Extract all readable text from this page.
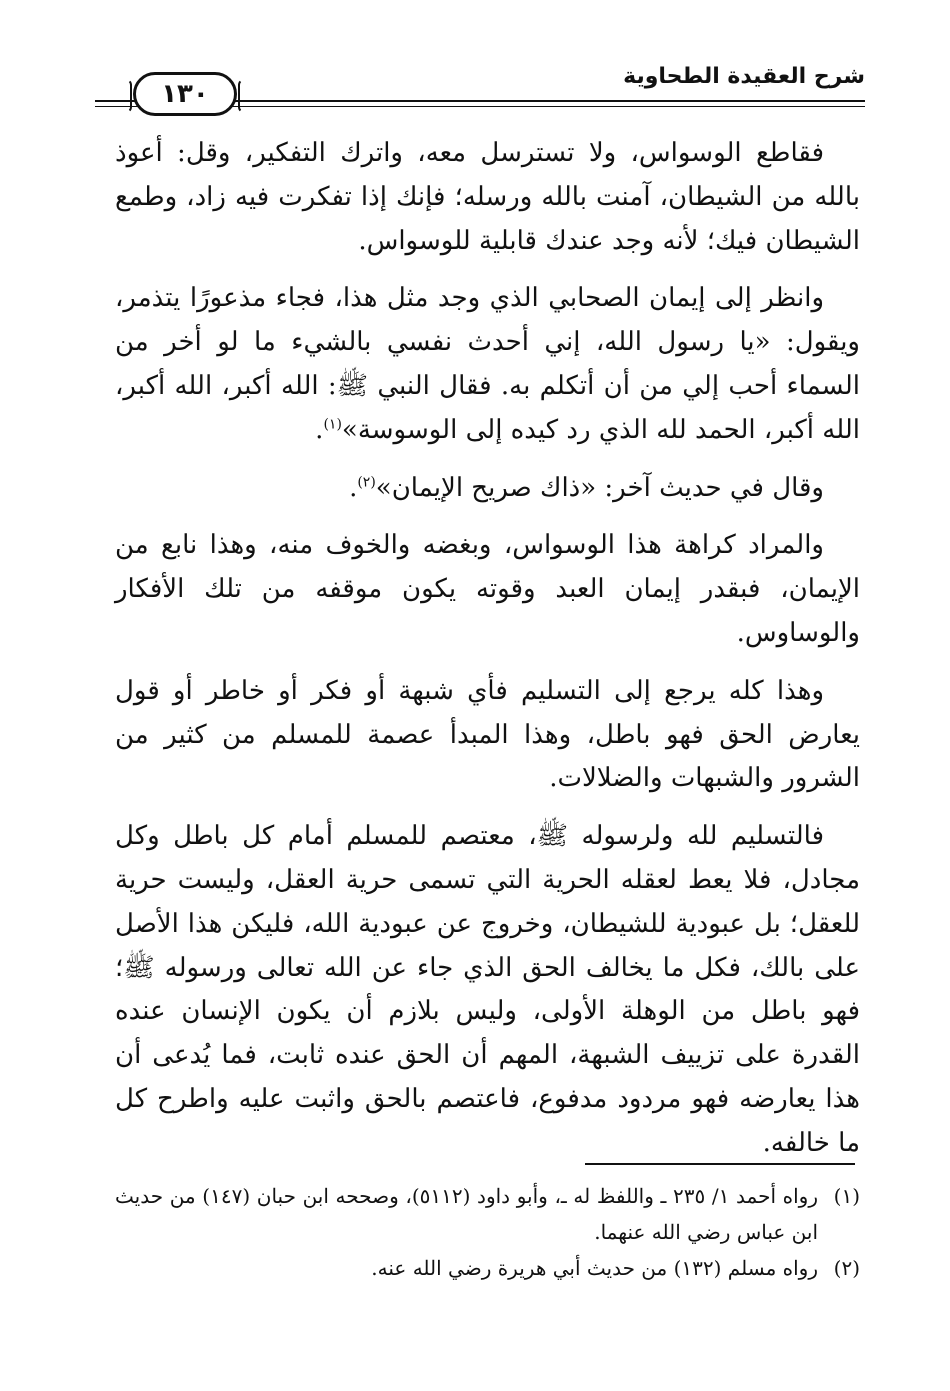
١٣٠
شرح العقيدة الطحاوية

فقاطع الوسواس، ولا تسترسل معه، واترك التفكير، وقل: أعوذ بالله من الشيطان، آمنت بالله ورسله؛ فإنك إذا تفكرت فيه زاد، وطمع الشيطان فيك؛ لأنه وجد عندك قابلية للوسواس.

وانظر إلى إيمان الصحابي الذي وجد مثل هذا، فجاء مذعورًا يتذمر، ويقول: «يا رسول الله، إني أحدث نفسي بالشيء ما لو أخر من السماء أحب إلي من أن أتكلم به. فقال النبي ﷺ: الله أكبر، الله أكبر، الله أكبر، الحمد لله الذي رد كيده إلى الوسوسة»$^{(١)}$.

وقال في حديث آخر: «ذاك صريح الإيمان»$^{(٢)}$.

والمراد كراهة هذا الوسواس، وبغضه والخوف منه، وهذا نابع من الإيمان، فبقدر إيمان العبد وقوته يكون موقفه من تلك الأفكار والوساوس.

وهذا كله يرجع إلى التسليم فأي شبهة أو فكر أو خاطر أو قول يعارض الحق فهو باطل، وهذا المبدأ عصمة للمسلم من كثير من الشرور والشبهات والضلالات.

فالتسليم لله ولرسوله ﷺ، معتصم للمسلم أمام كل باطل وكل مجادل، فلا يعط لعقله الحرية التي تسمى حرية العقل، وليست حرية للعقل؛ بل عبودية للشيطان، وخروج عن عبودية الله، فليكن هذا الأصل على بالك، فكل ما يخالف الحق الذي جاء عن الله تعالى ورسوله ﷺ؛ فهو باطل من الوهلة الأولى، وليس بلازم أن يكون الإنسان عنده القدرة على تزييف الشبهة، المهم أن الحق عنده ثابت، فما يُدعى أن هذا يعارضه فهو مردود مدفوع، فاعتصم بالحق واثبت عليه واطرح كل ما خالفه.

(١)
رواه أحمد ١/ ٢٣٥ ـ واللفظ له ـ، وأبو داود (٥١١٢)، وصححه ابن حبان (١٤٧) من حديث ابن عباس رضي الله عنهما.
(٢)
رواه مسلم (١٣٢) من حديث أبي هريرة رضي الله عنه.
